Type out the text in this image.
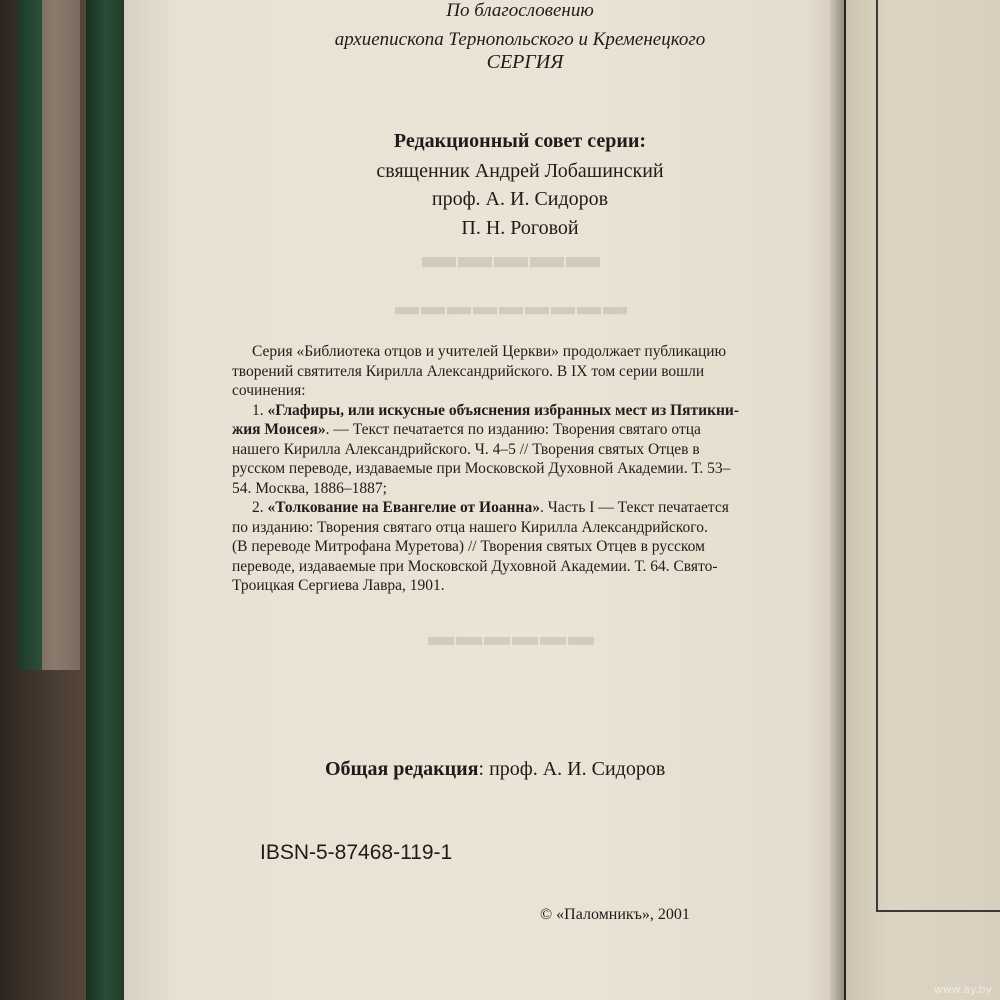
▬▬▬▬▬
▬▬▬▬▬▬▬▬▬
▬▬▬▬▬▬
По благословению
архиепископа Тернопольского и Кременецкого
СЕРГИЯ
Редакционный совет серии:
священник Андрей Лобашинский
проф. А. И. Сидоров
П. Н. Роговой
Серия «Библиотека отцов и учителей Церкви» продолжает публикацию
творений святителя Кирилла Александрийского. В IX том серии вошли
сочинения:
1. «Глафиры, или искусные объяснения избранных мест из Пятикни-
жия Моисея». — Текст печатается по изданию: Творения святаго отца
нашего Кирилла Александрийского. Ч. 4–5 // Творения святых Отцев в
русском переводе, издаваемые при Московской Духовной Академии. Т. 53–
54. Москва, 1886–1887;
2. «Толкование на Евангелие от Иоанна». Часть I — Текст печатается
по изданию: Творения святаго отца нашего Кирилла Александрийского.
(В переводе Митрофана Муретова) // Творения святых Отцев в русском
переводе, издаваемые при Московской Духовной Академии. Т. 64. Свято-
Троицкая Сергиева Лавра, 1901.
Общая редакция: проф. А. И. Сидоров
IBSN-5-87468-119-1
© «Паломникъ», 2001
www.ay.by
